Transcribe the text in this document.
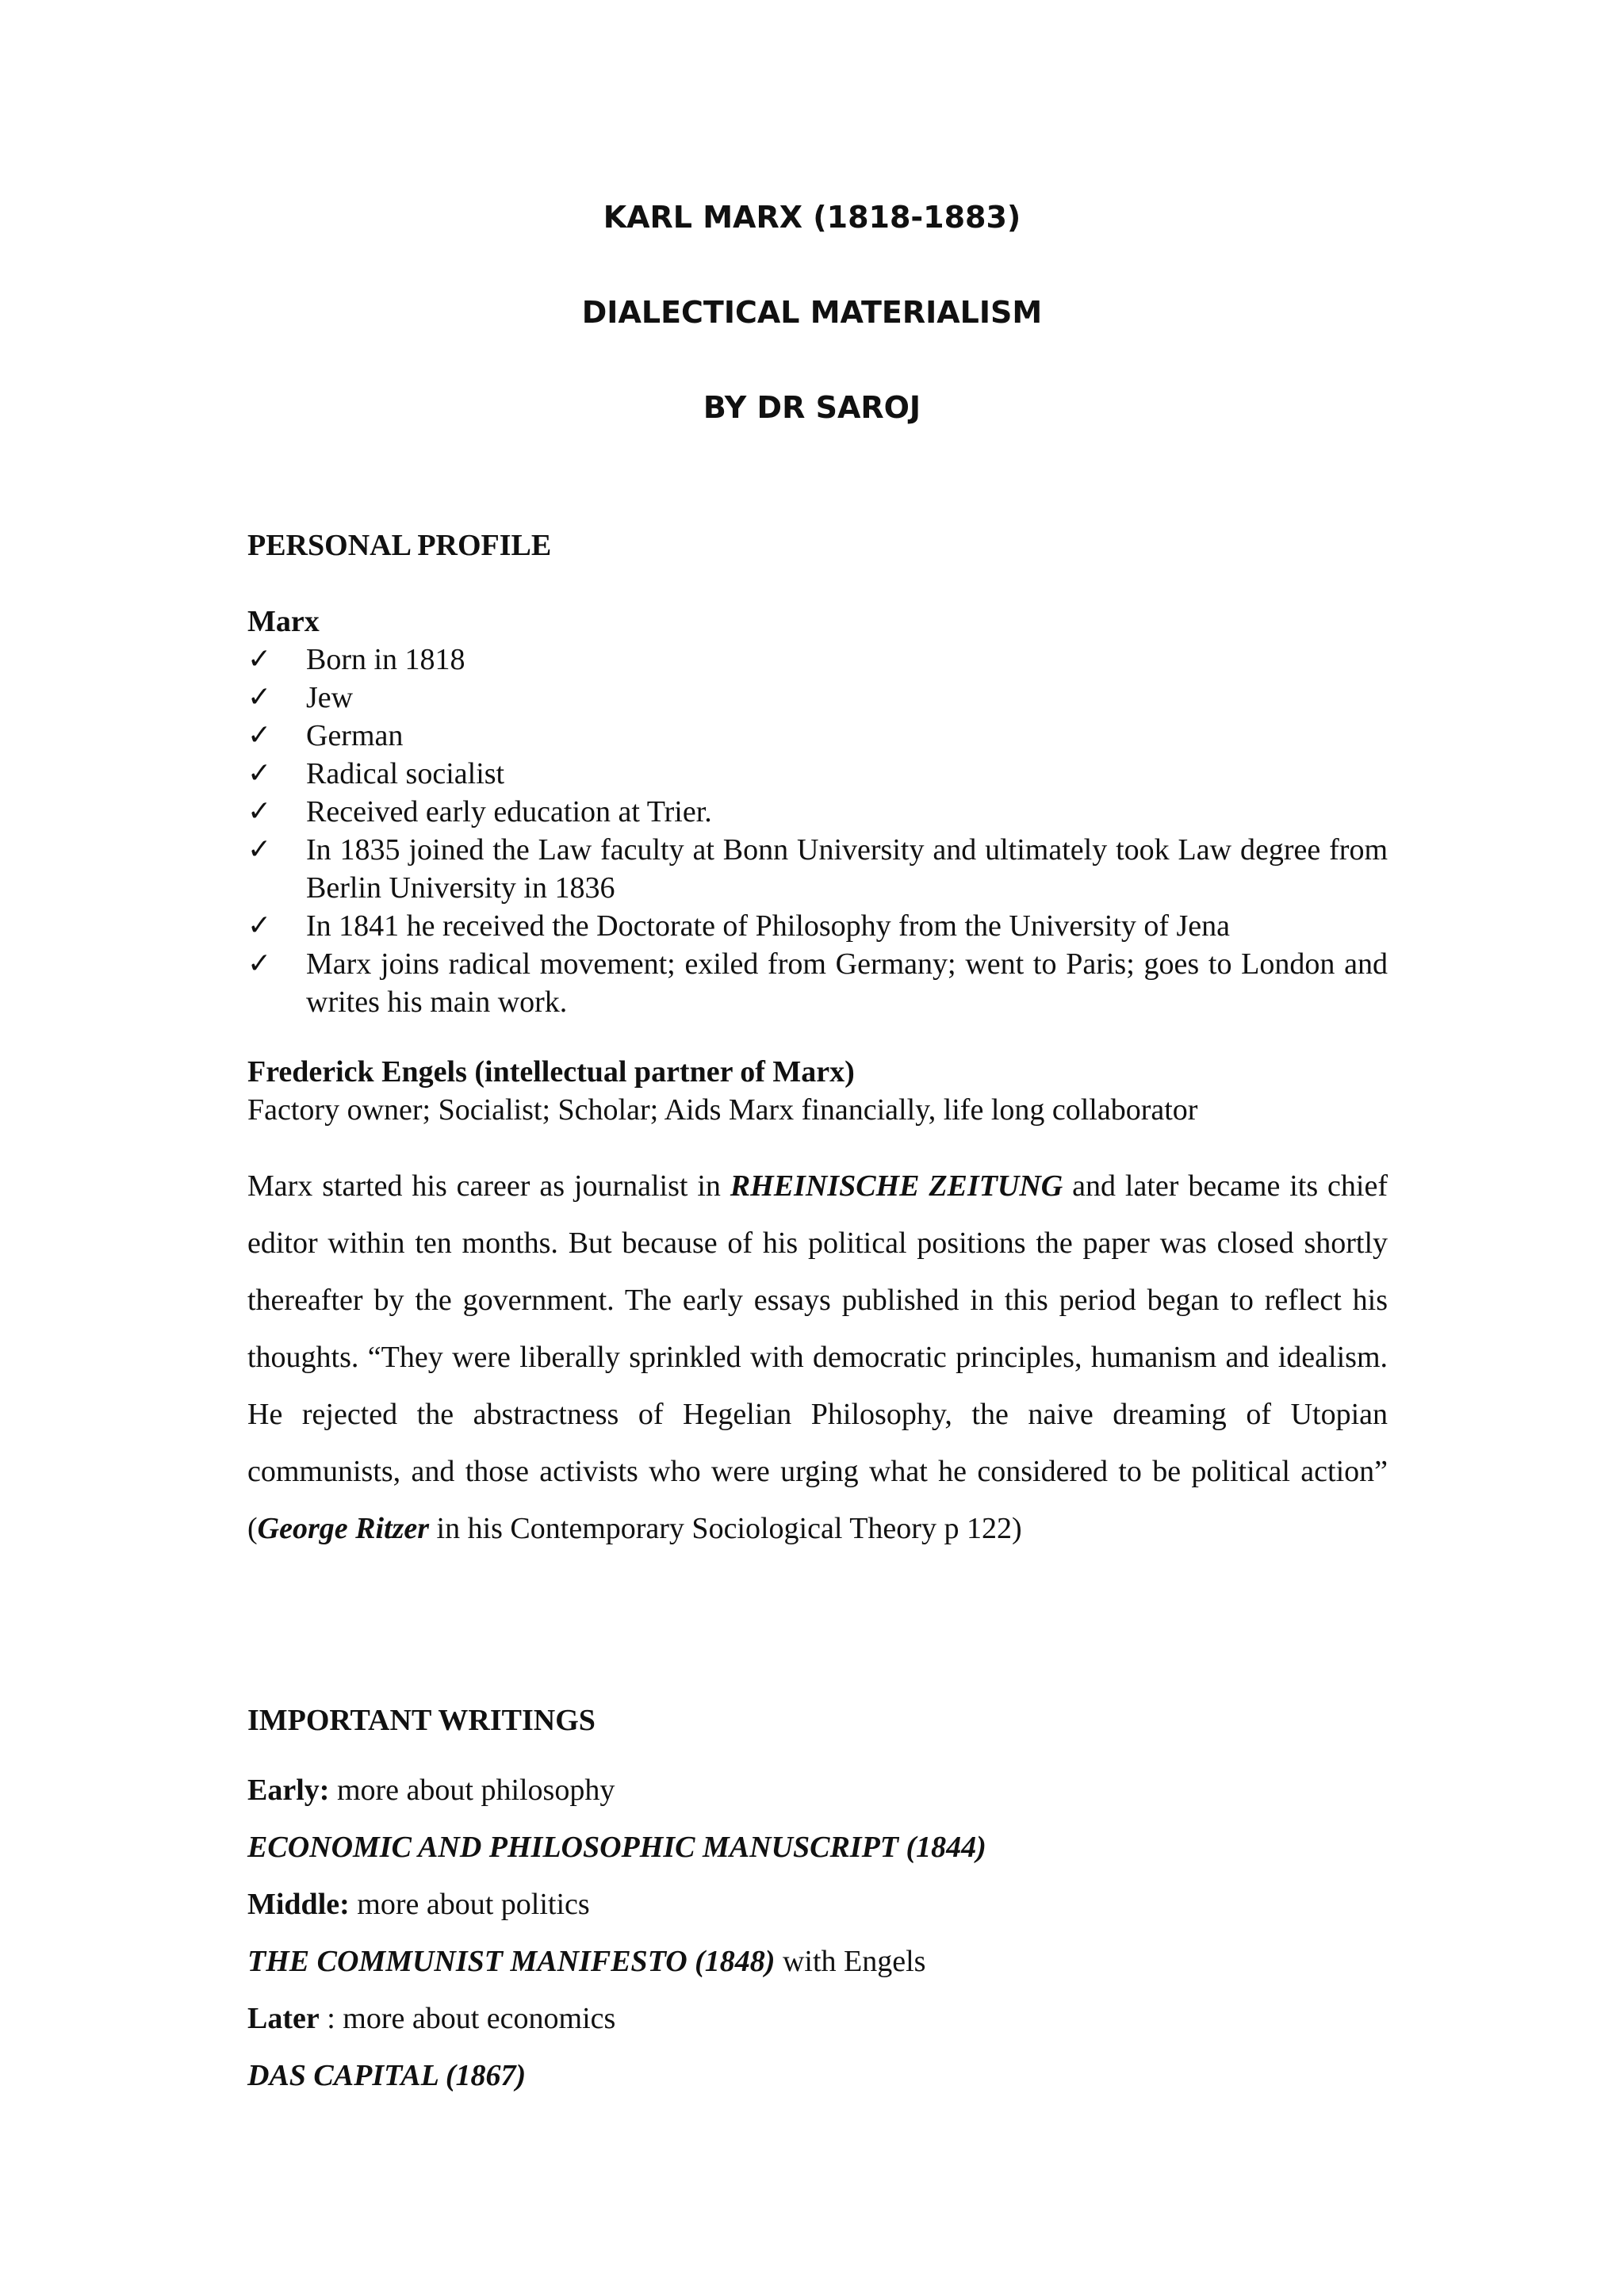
KARL MARX (1818-1883)
DIALECTICAL MATERIALISM
BY DR SAROJ

PERSONAL PROFILE

Marx

✓ Born in 1818
✓ Jew
✓ German
✓ Radical socialist
✓ Received early education at Trier.
✓ In 1835 joined the Law faculty at Bonn University and ultimately took Law degree from Berlin University in 1836
✓ In 1841 he received the Doctorate of Philosophy from the University of Jena
✓ Marx joins radical movement; exiled from Germany; went to Paris; goes to London and writes his main work.

Frederick Engels (intellectual partner of Marx)

Factory owner; Socialist; Scholar; Aids Marx financially, life long collaborator

Marx started his career as journalist in RHEINISCHE ZEITUNG and later became its chief editor within ten months. But because of his political positions the paper was closed shortly thereafter by the government. The early essays published in this period began to reflect his thoughts. “They were liberally sprinkled with democratic principles, humanism and idealism. He rejected the abstractness of Hegelian Philosophy, the naive dreaming of Utopian communists, and those activists who were urging what he considered to be political action” (George Ritzer in his Contemporary Sociological Theory p 122)

IMPORTANT WRITINGS

Early: more about philosophy

ECONOMIC AND PHILOSOPHIC MANUSCRIPT (1844)

Middle: more about politics

THE COMMUNIST MANIFESTO (1848) with Engels

Later : more about economics

DAS CAPITAL (1867)
